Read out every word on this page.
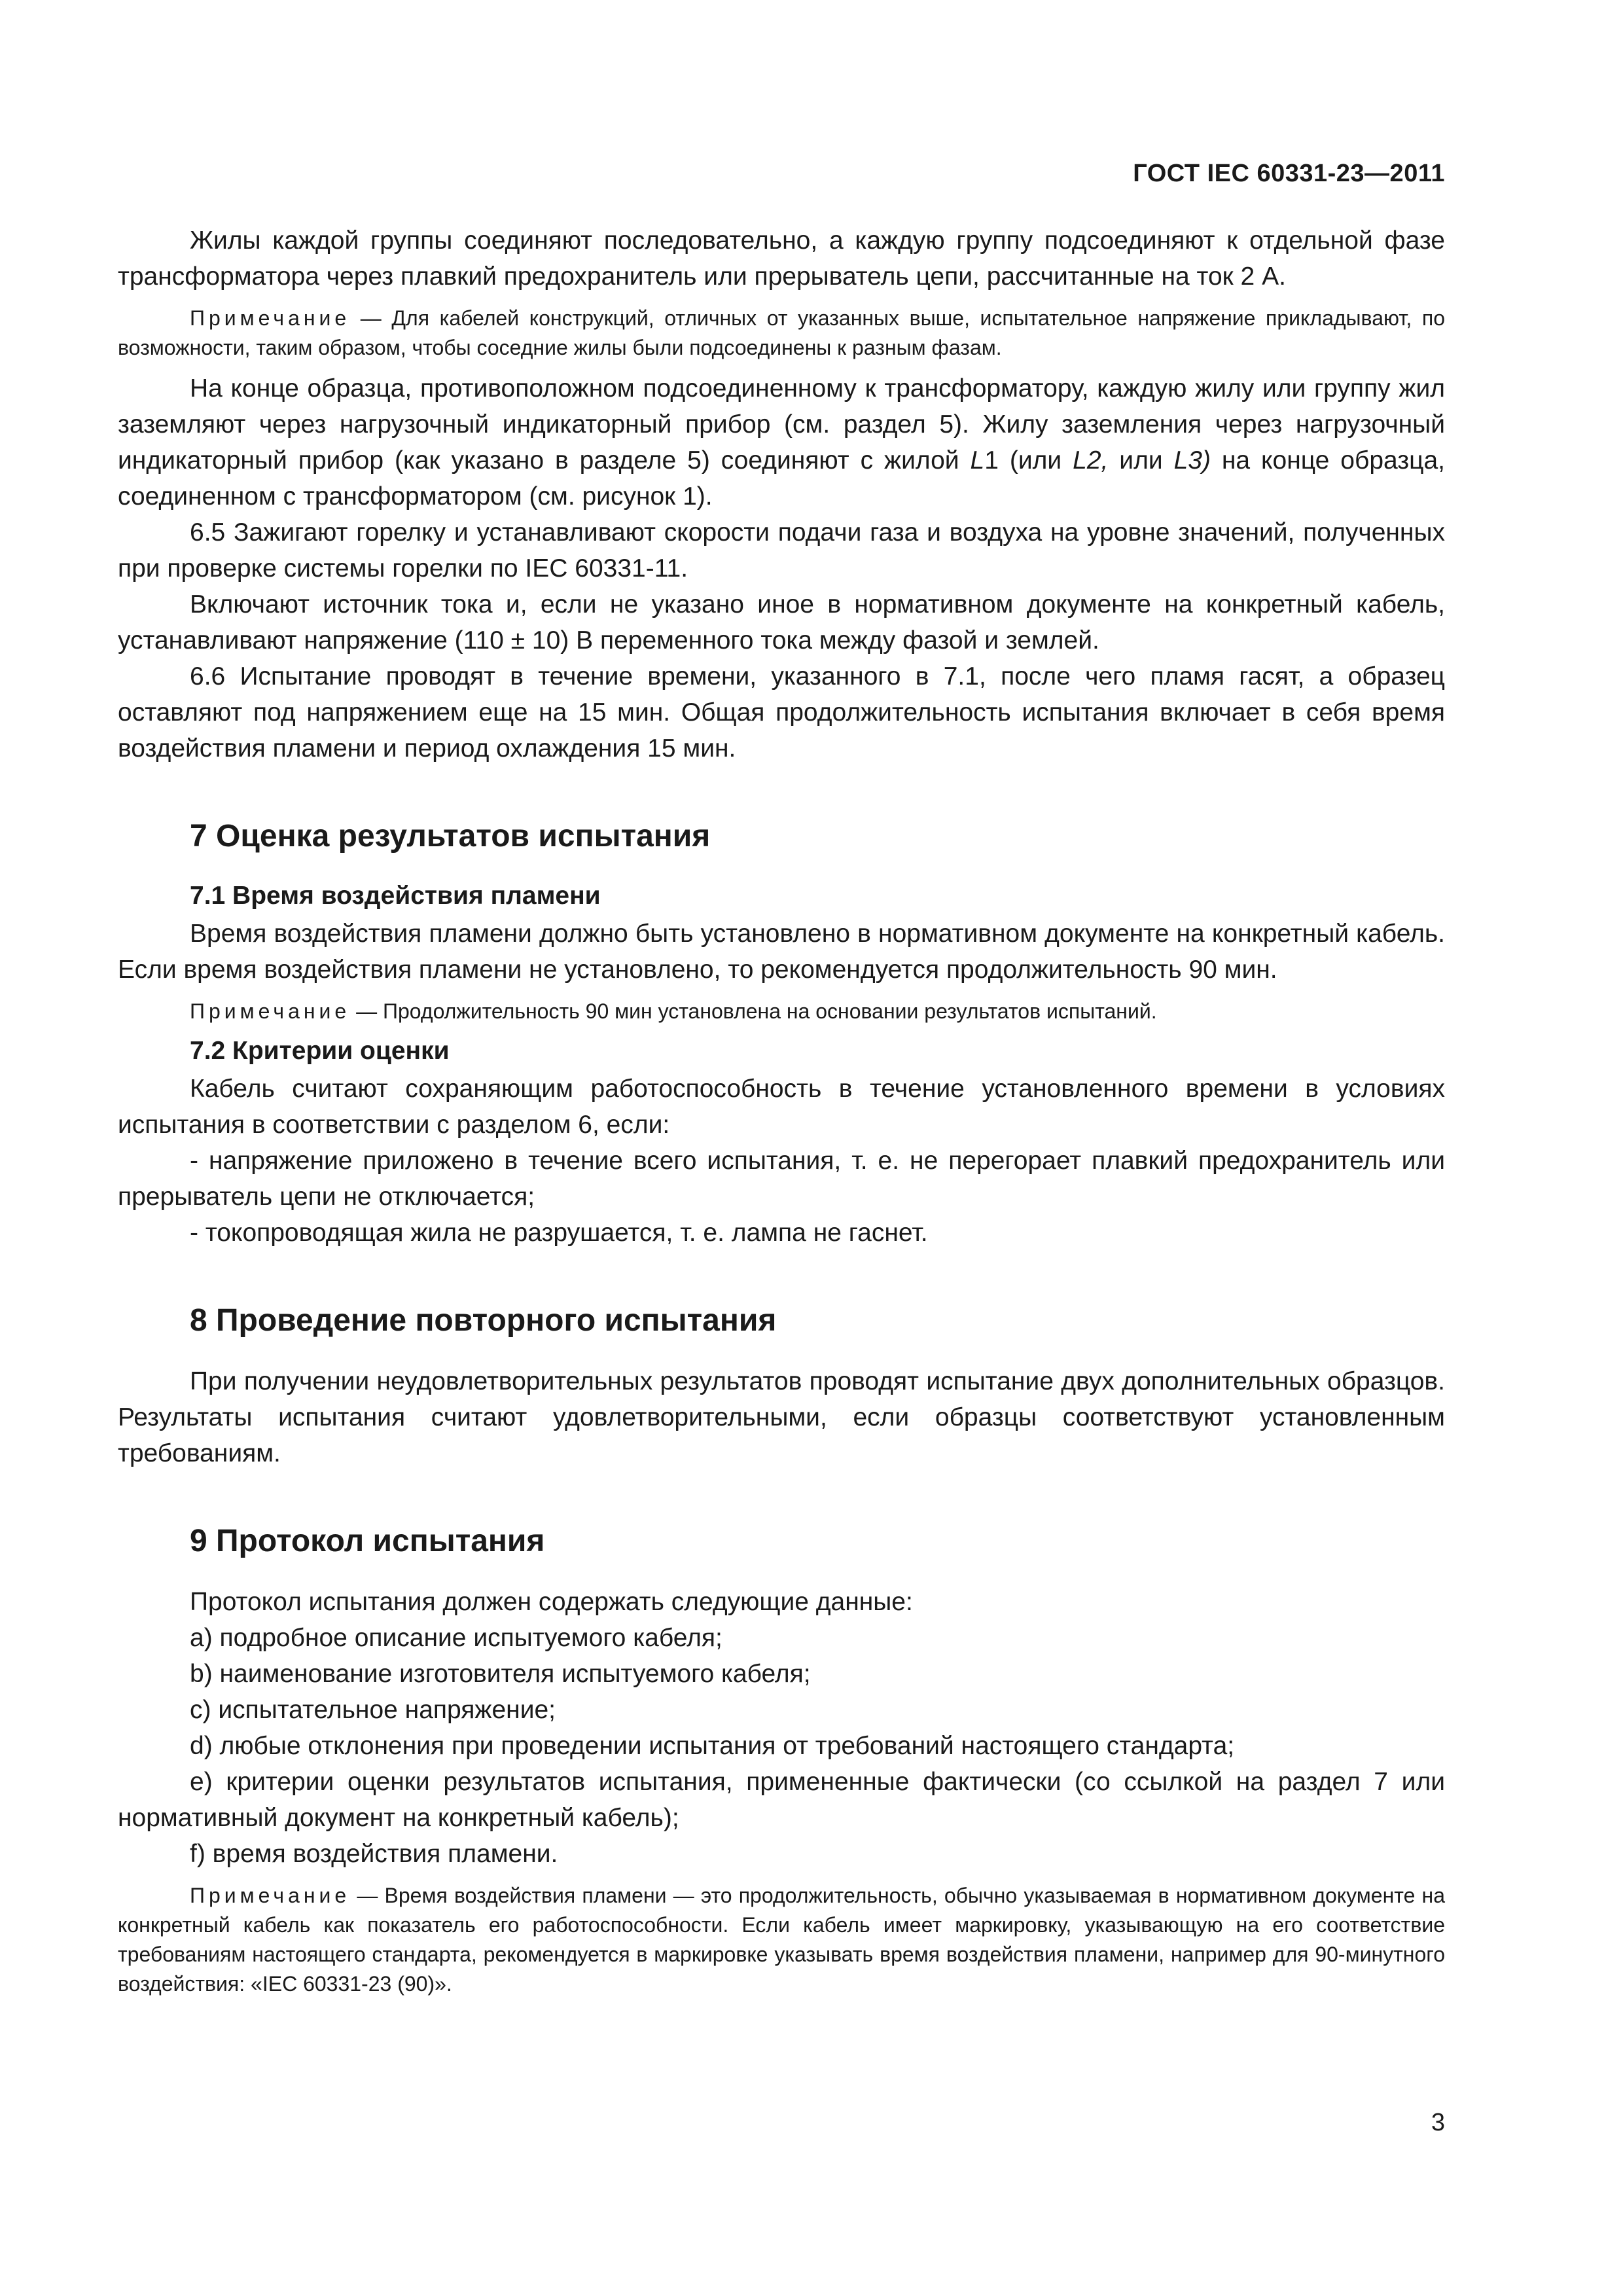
ГОСТ IEC 60331-23—2011

Жилы каждой группы соединяют последовательно, а каждую группу подсоединяют к отдельной фазе трансформатора через плавкий предохранитель или прерыватель цепи, рассчитанные на ток 2 А.

Примечание — Для кабелей конструкций, отличных от указанных выше, испытательное напряжение прикладывают, по возможности, таким образом, чтобы соседние жилы были подсоединены к разным фазам.

На конце образца, противоположном подсоединенному к трансформатору, каждую жилу или группу жил заземляют через нагрузочный индикаторный прибор (см. раздел 5). Жилу заземления через нагрузочный индикаторный прибор (как указано в разделе 5) соединяют с жилой L1 (или L2, или L3) на конце образца, соединенном с трансформатором (см. рисунок 1).

6.5 Зажигают горелку и устанавливают скорости подачи газа и воздуха на уровне значений, полученных при проверке системы горелки по IEC 60331-11.

Включают источник тока и, если не указано иное в нормативном документе на конкретный кабель, устанавливают напряжение (110 ± 10) В переменного тока между фазой и землей.

6.6 Испытание проводят в течение времени, указанного в 7.1, после чего пламя гасят, а образец оставляют под напряжением еще на 15 мин. Общая продолжительность испытания включает в себя время воздействия пламени и период охлаждения 15 мин.

7 Оценка результатов испытания
7.1 Время воздействия пламени

Время воздействия пламени должно быть установлено в нормативном документе на конкретный кабель. Если время воздействия пламени не установлено, то рекомендуется продолжительность 90 мин.

Примечание — Продолжительность 90 мин установлена на основании результатов испытаний.

7.2 Критерии оценки

Кабель считают сохраняющим работоспособность в течение установленного времени в условиях испытания в соответствии с разделом 6, если:

- напряжение приложено в течение всего испытания, т. е. не перегорает плавкий предохранитель или прерыватель цепи не отключается;

- токопроводящая жила не разрушается, т. е. лампа не гаснет.

8 Проведение повторного испытания

При получении неудовлетворительных результатов проводят испытание двух дополнительных образцов. Результаты испытания считают удовлетворительными, если образцы соответствуют установленным требованиям.

9 Протокол испытания

Протокол испытания должен содержать следующие данные:

a) подробное описание испытуемого кабеля;

b) наименование изготовителя испытуемого кабеля;

c) испытательное напряжение;

d) любые отклонения при проведении испытания от требований настоящего стандарта;

e) критерии оценки результатов испытания, примененные фактически (со ссылкой на раздел 7 или нормативный документ на конкретный кабель);

f) время воздействия пламени.

Примечание — Время воздействия пламени — это продолжительность, обычно указываемая в нормативном документе на конкретный кабель как показатель его работоспособности. Если кабель имеет маркировку, указывающую на его соответствие требованиям настоящего стандарта, рекомендуется в маркировке указывать время воздействия пламени, например для 90-минутного воздействия: «IEC 60331-23 (90)».

3
